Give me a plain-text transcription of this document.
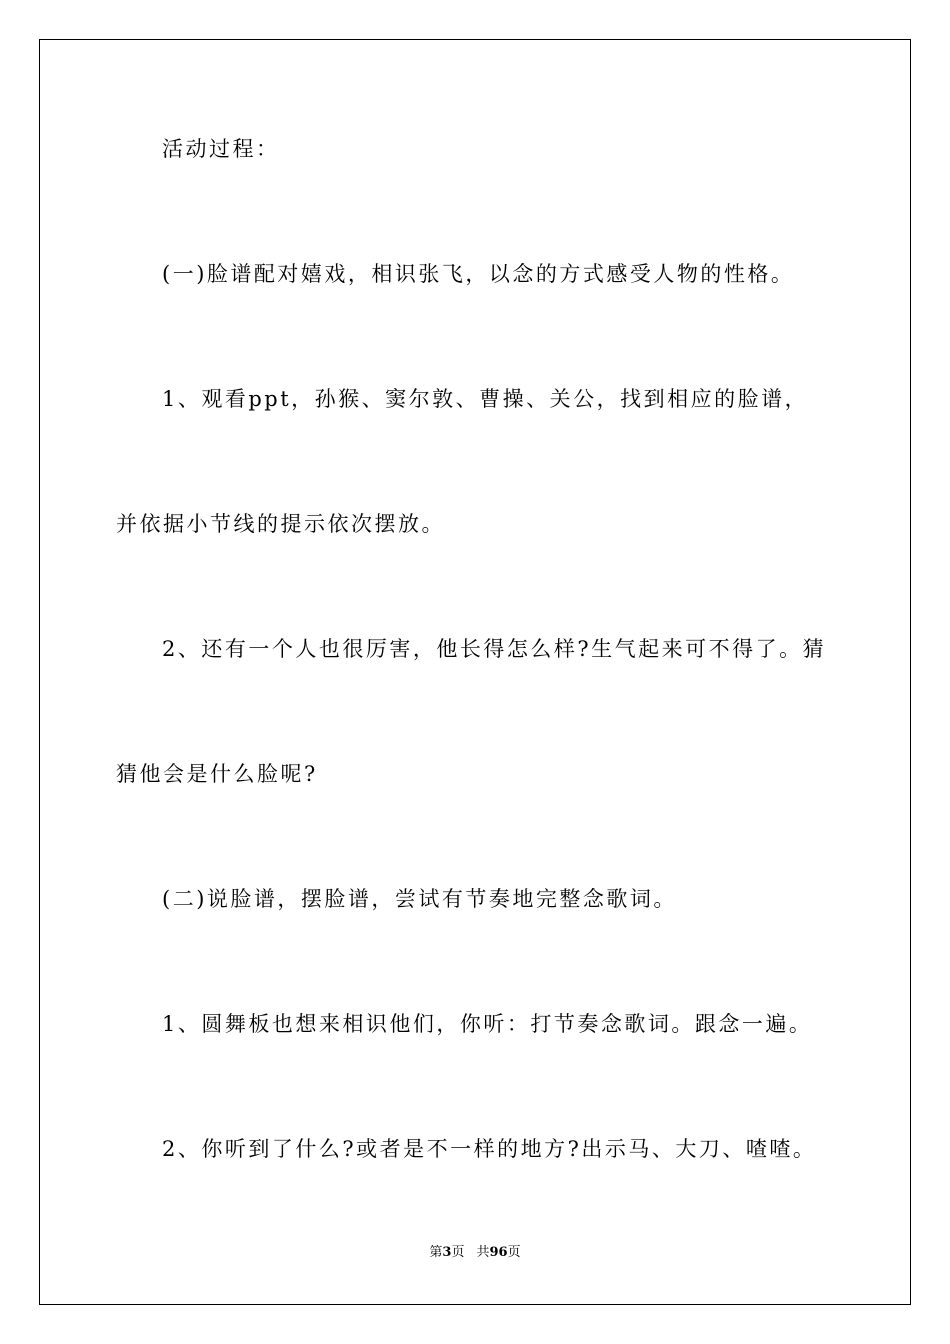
活动过程：
(一)脸谱配对嬉戏，相识张飞，以念的方式感受人物的性格。
1、观看ppt，孙猴、窦尔敦、曹操、关公，找到相应的脸谱，
并依据小节线的提示依次摆放。
2、还有一个人也很厉害，他长得怎么样?生气起来可不得了。猜
猜他会是什么脸呢?
(二)说脸谱，摆脸谱，尝试有节奏地完整念歌词。
1、圆舞板也想来相识他们，你听：打节奏念歌词。跟念一遍。
2、你听到了什么?或者是不一样的地方?出示马、大刀、喳喳。
第3页 共96页
